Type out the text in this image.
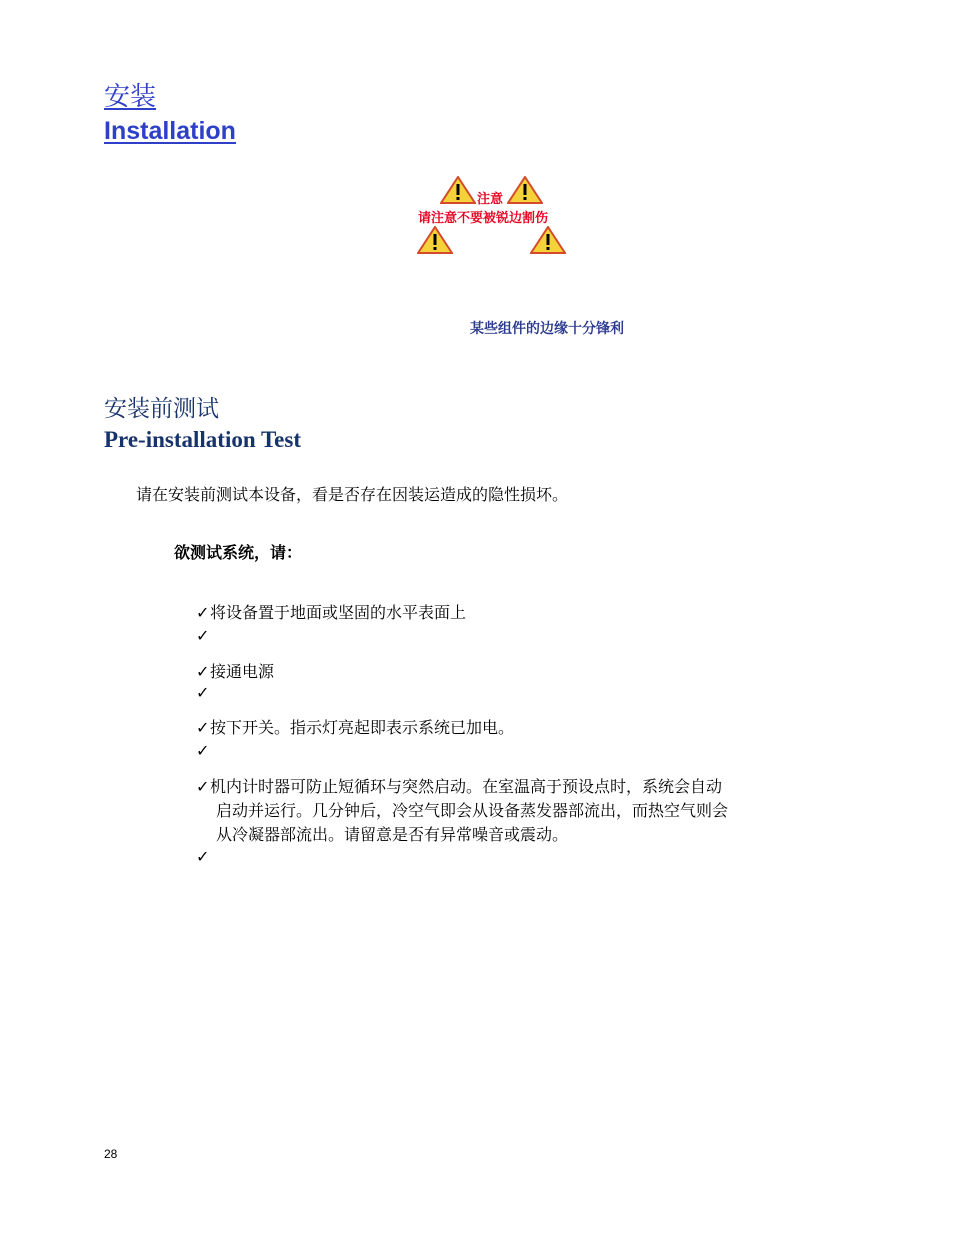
安装
Installation
注意
请注意不要被锐边割伤
某些组件的边缘十分锋利
安装前测试
Pre-installation Test
请在安装前测试本设备，看是否存在因装运造成的隐性损坏。
欲测试系统，请：
✓将设备置于地面或坚固的水平表面上
✓
✓接通电源
✓
✓按下开关。指示灯亮起即表示系统已加电。
✓
✓机内计时器可防止短循环与突然启动。在室温高于预设点时，系统会自动
启动并运行。几分钟后，冷空气即会从设备蒸发器部流出，而热空气则会
从冷凝器部流出。请留意是否有异常噪音或震动。
✓
28
